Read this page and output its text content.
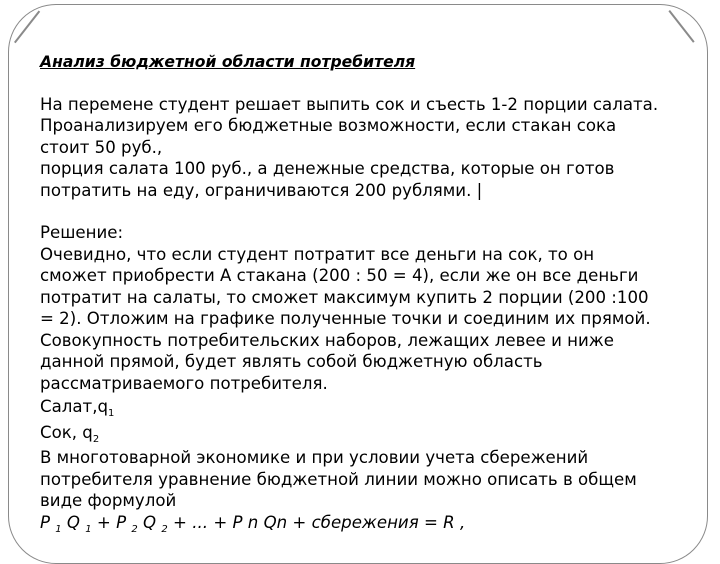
Анализ бюджетной области потребителя

На перемене студент решает выпить сок и съесть 1-2 порции салата.

Проанализируем его бюджетные возможности, если стакан сока

стоит 50 руб.,

порция салата 100 руб., а денежные средства, которые он готов

потратить на еду, ограничиваются 200 рублями. |

Решение:

Очевидно, что если студент потратит все деньги на сок, то он

сможет приобрести А стакана (200 : 50 = 4), если же он все деньги

потратит на салаты, то сможет максимум купить 2 порции (200 :100

= 2). Отложим на графике полученные точки и соединим их прямой.

Совокупность потребительских наборов, лежащих левее и ниже

данной прямой, будет являть собой бюджетную область

рассматриваемого потребителя.

$Салат,q_1$

Сок, $q_2$

В многотоварной экономике и при условии учета сбережений

потребителя уравнение бюджетной линии можно описать в общем

виде формулой

P $_1$ Q $_1$ + P $_2$ Q $_2$ + ... + P n Qn + сбережения = R ,
